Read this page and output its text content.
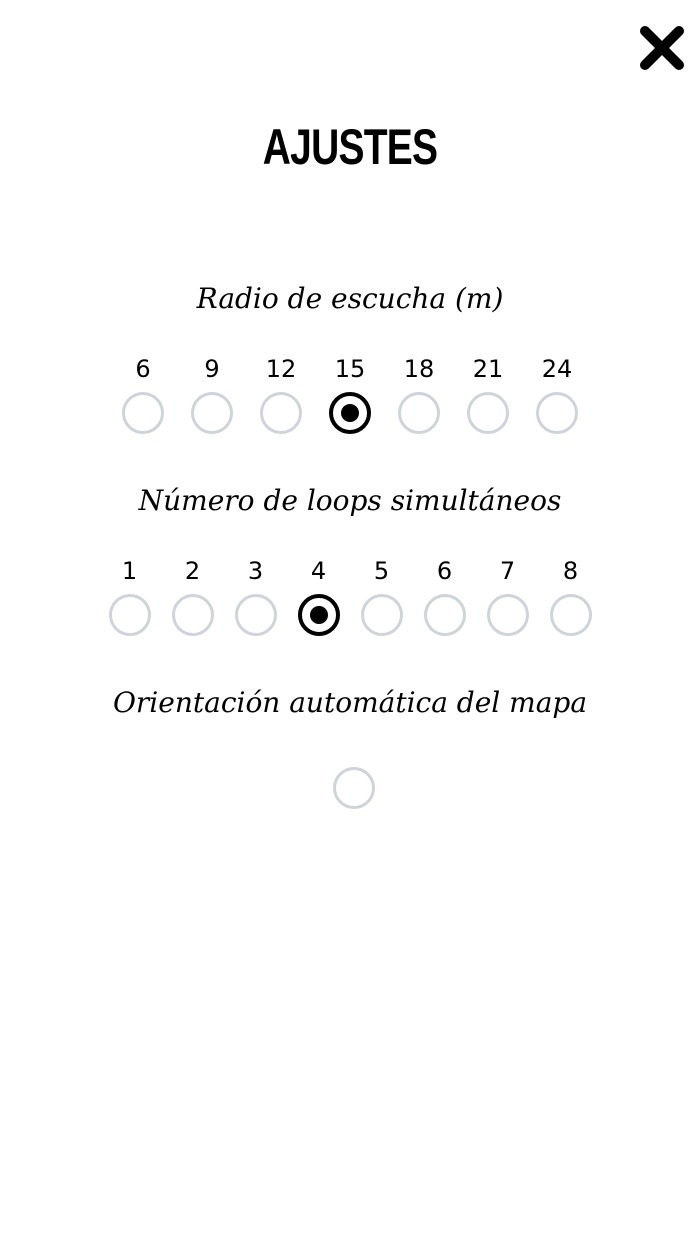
AJUSTES
Radio de escucha (m)
6 9 12 15 18 21 24
Número de loops simultáneos
1 2 3 4 5 6 7 8
Orientación automática del mapa
